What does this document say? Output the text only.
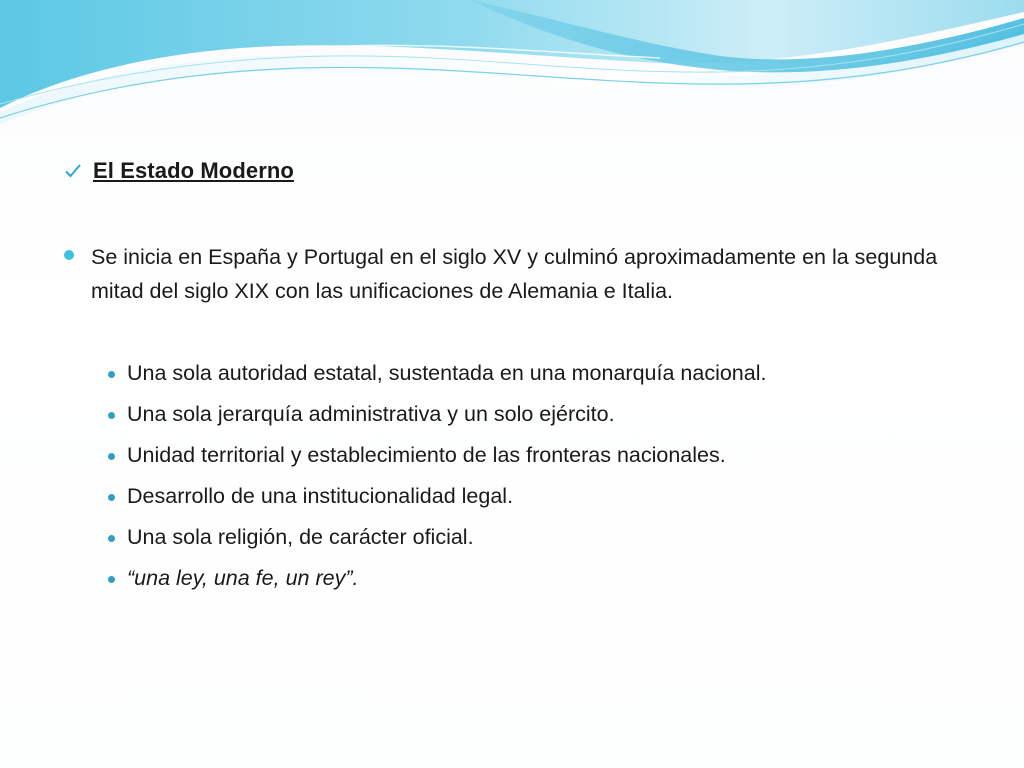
El Estado Moderno

Se inicia en España y Portugal en el siglo XV y culminó aproximadamente en la segunda mitad del siglo XIX con las unificaciones de Alemania e Italia.

Una sola autoridad estatal, sustentada en una monarquía nacional.
Una sola jerarquía administrativa y un solo ejército.
Unidad territorial y establecimiento de las fronteras nacionales.
Desarrollo de una institucionalidad legal.
Una sola religión, de carácter oficial.
“una ley, una fe, un rey”.
